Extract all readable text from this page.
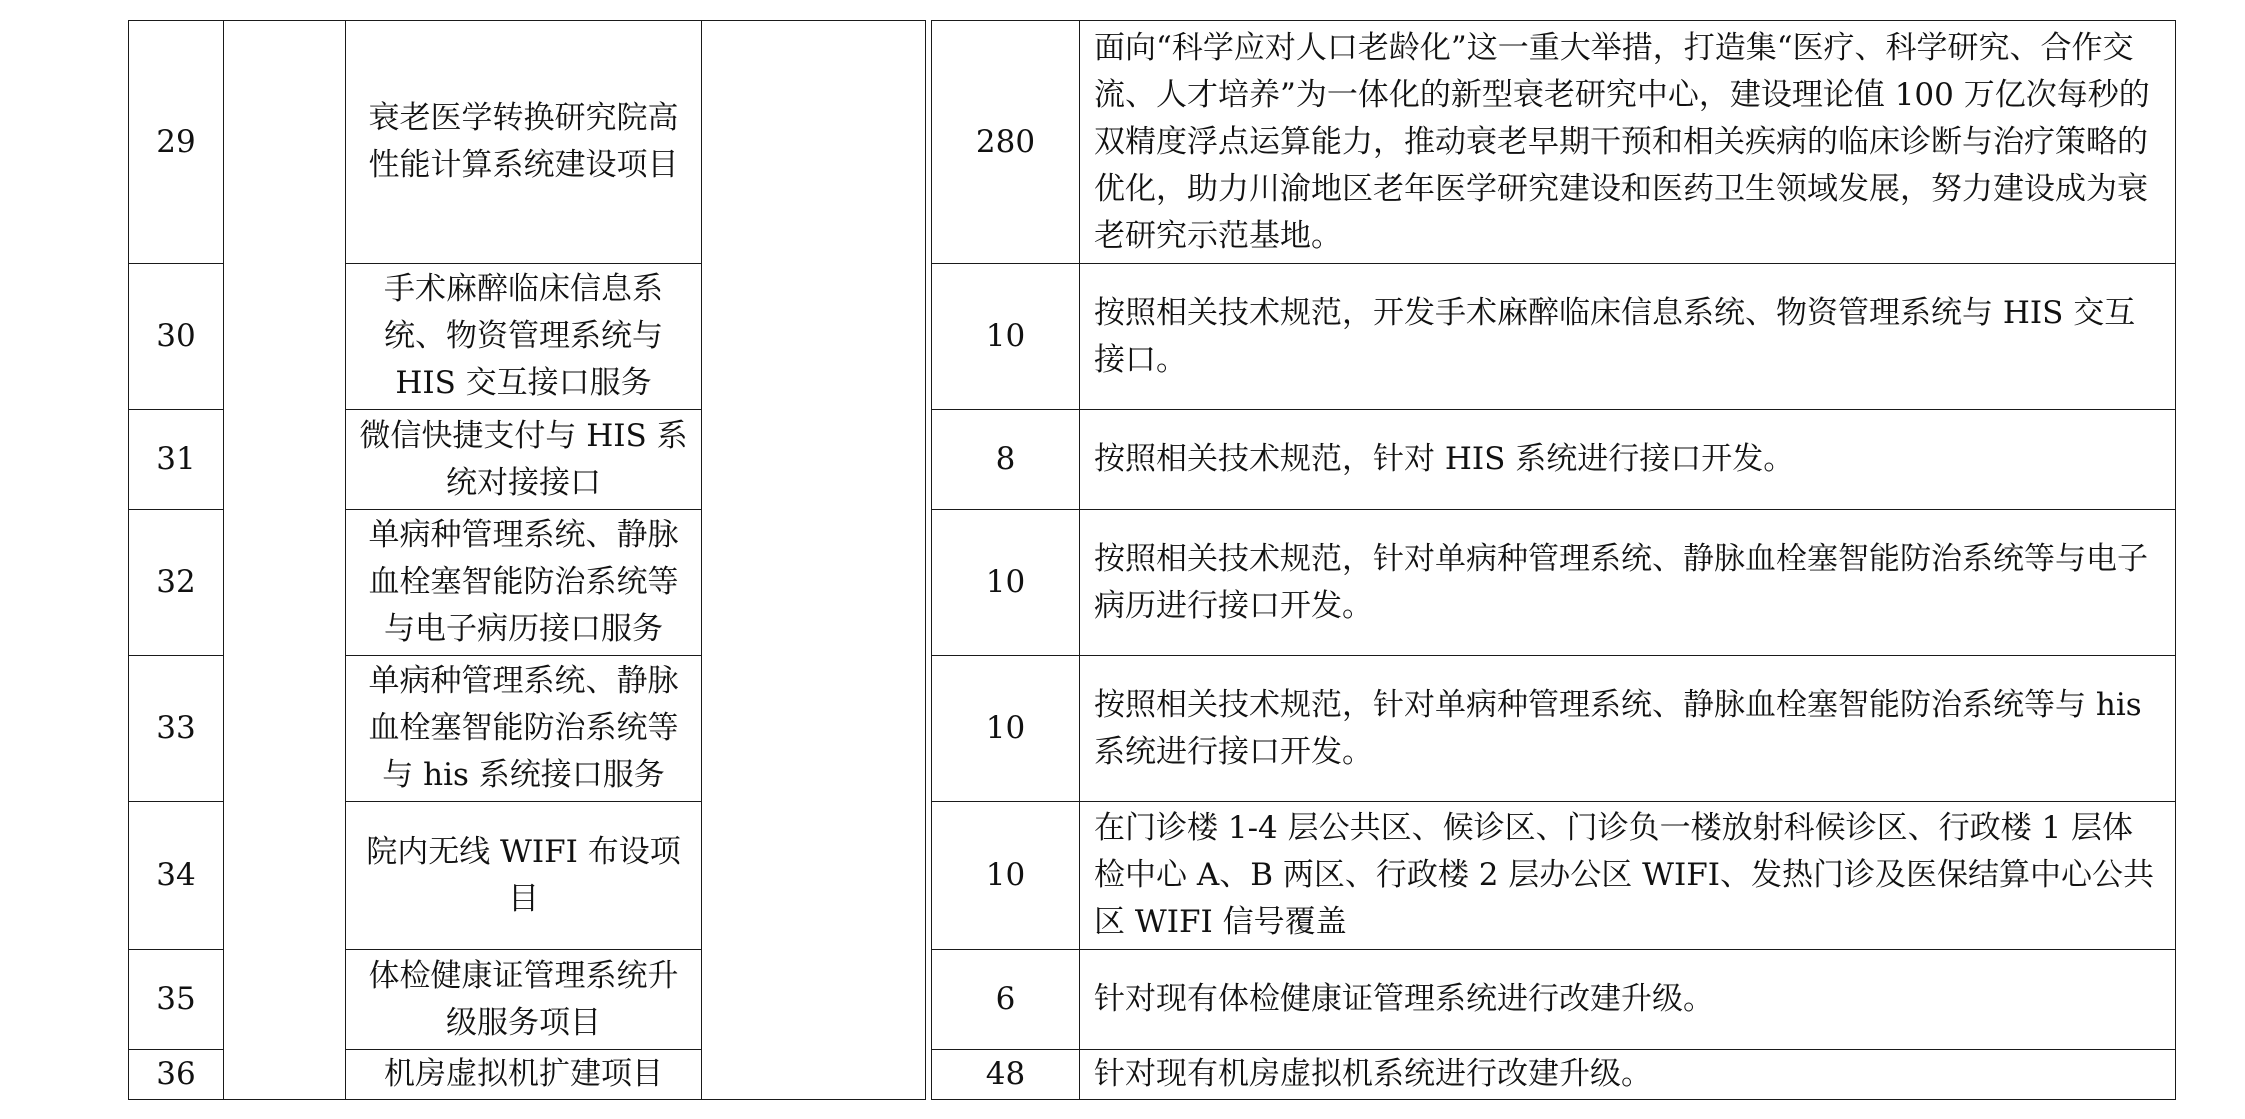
29		衰老医学转换研究院高性能计算系统建设项目			280	面向“科学应对人口老龄化”这一重大举措，打造集“医疗、科学研究、合作交流、人才培养”为一体化的新型衰老研究中心，建设理论值 100 万亿次每秒的双精度浮点运算能力，推动衰老早期干预和相关疾病的临床诊断与治疗策略的优化，助力川渝地区老年医学研究建设和医药卫生领域发展，努力建设成为衰老研究示范基地。
30		手术麻醉临床信息系统、物资管理系统与 HIS 交互接口服务			10	按照相关技术规范，开发手术麻醉临床信息系统、物资管理系统与 HIS 交互接口。
31		微信快捷支付与 HIS 系统对接接口			8	按照相关技术规范，针对 HIS 系统进行接口开发。
32		单病种管理系统、静脉血栓塞智能防治系统等与电子病历接口服务			10	按照相关技术规范，针对单病种管理系统、静脉血栓塞智能防治系统等与电子病历进行接口开发。
33		单病种管理系统、静脉血栓塞智能防治系统等与 his 系统接口服务			10	按照相关技术规范，针对单病种管理系统、静脉血栓塞智能防治系统等与 his 系统进行接口开发。
34		院内无线 WIFI 布设项目			10	在门诊楼 1-4 层公共区、候诊区、门诊负一楼放射科候诊区、行政楼 1 层体检中心 A、B 两区、行政楼 2 层办公区 WIFI、发热门诊及医保结算中心公共区 WIFI 信号覆盖
35		体检健康证管理系统升级服务项目			6	针对现有体检健康证管理系统进行改建升级。
36		机房虚拟机扩建项目			48	针对现有机房虚拟机系统进行改建升级。
